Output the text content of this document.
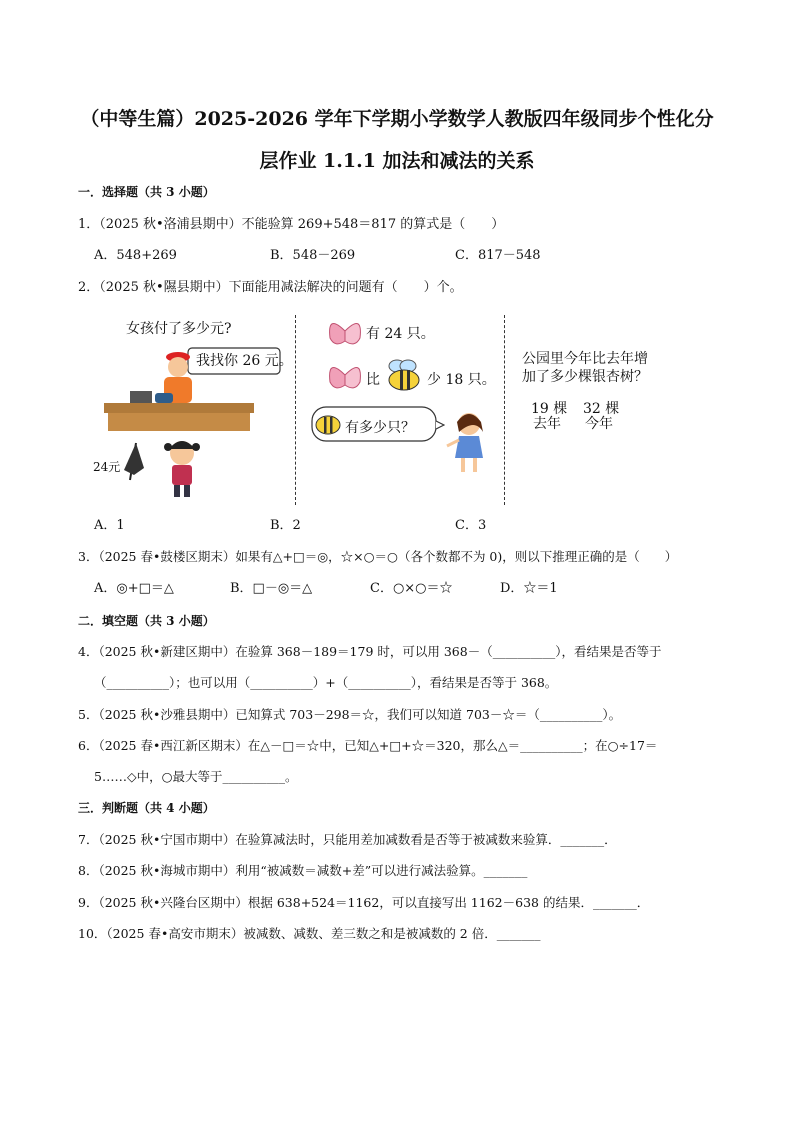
（中等生篇）2025-2026 学年下学期小学数学人教版四年级同步个性化分
层作业 1.1.1 加法和减法的关系
一．选择题（共 3 小题）
1．（2025 秋•洛浦县期中）不能验算 269+548＝817 的算式是（　　）
A．548+269	B．548－269	C．817－548
2．（2025 秋•隰县期中）下面能用减法解决的问题有（　　）个。
女孩付了多少元?
我找你 26 元。
24元
有 24 只。
比	少 18 只。
有多少只？
公园里今年比去年增
加了多少棵银杏树？
19 棵 32 棵
去年 今年
A．1	B．2	C．3
3．（2025 春•鼓楼区期末）如果有△+□＝◎，☆×○＝○（各个数都不为 0)，则以下推理正确的是（　　）
A．◎+□＝△	B．□－◎＝△	C．○×○＝☆	D．☆＝1
二．填空题（共 3 小题）
4．（2025 秋•新建区期中）在验算 368－189＝179 时，可以用 368－（__________），看结果是否等于
（__________）；也可以用（__________）+（__________），看结果是否等于 368。
5．（2025 秋•沙雅县期中）已知算式 703－298＝☆，我们可以知道 703－☆＝（__________）。
6．（2025 春•西江新区期末）在△－□＝☆中，已知△+□+☆＝320，那么△＝__________；在○÷17＝
5……◇中，○最大等于__________。
三．判断题（共 4 小题）
7．（2025 秋•宁国市期中）在验算减法时，只能用差加减数看是否等于被减数来验算．_______．
8．（2025 秋•海城市期中）利用“被减数＝减数+差”可以进行减法验算。_______
9．（2025 秋•兴隆台区期中）根据 638+524＝1162，可以直接写出 1162－638 的结果．_______．
10．（2025 春•高安市期末）被减数、减数、差三数之和是被减数的 2 倍．_______
